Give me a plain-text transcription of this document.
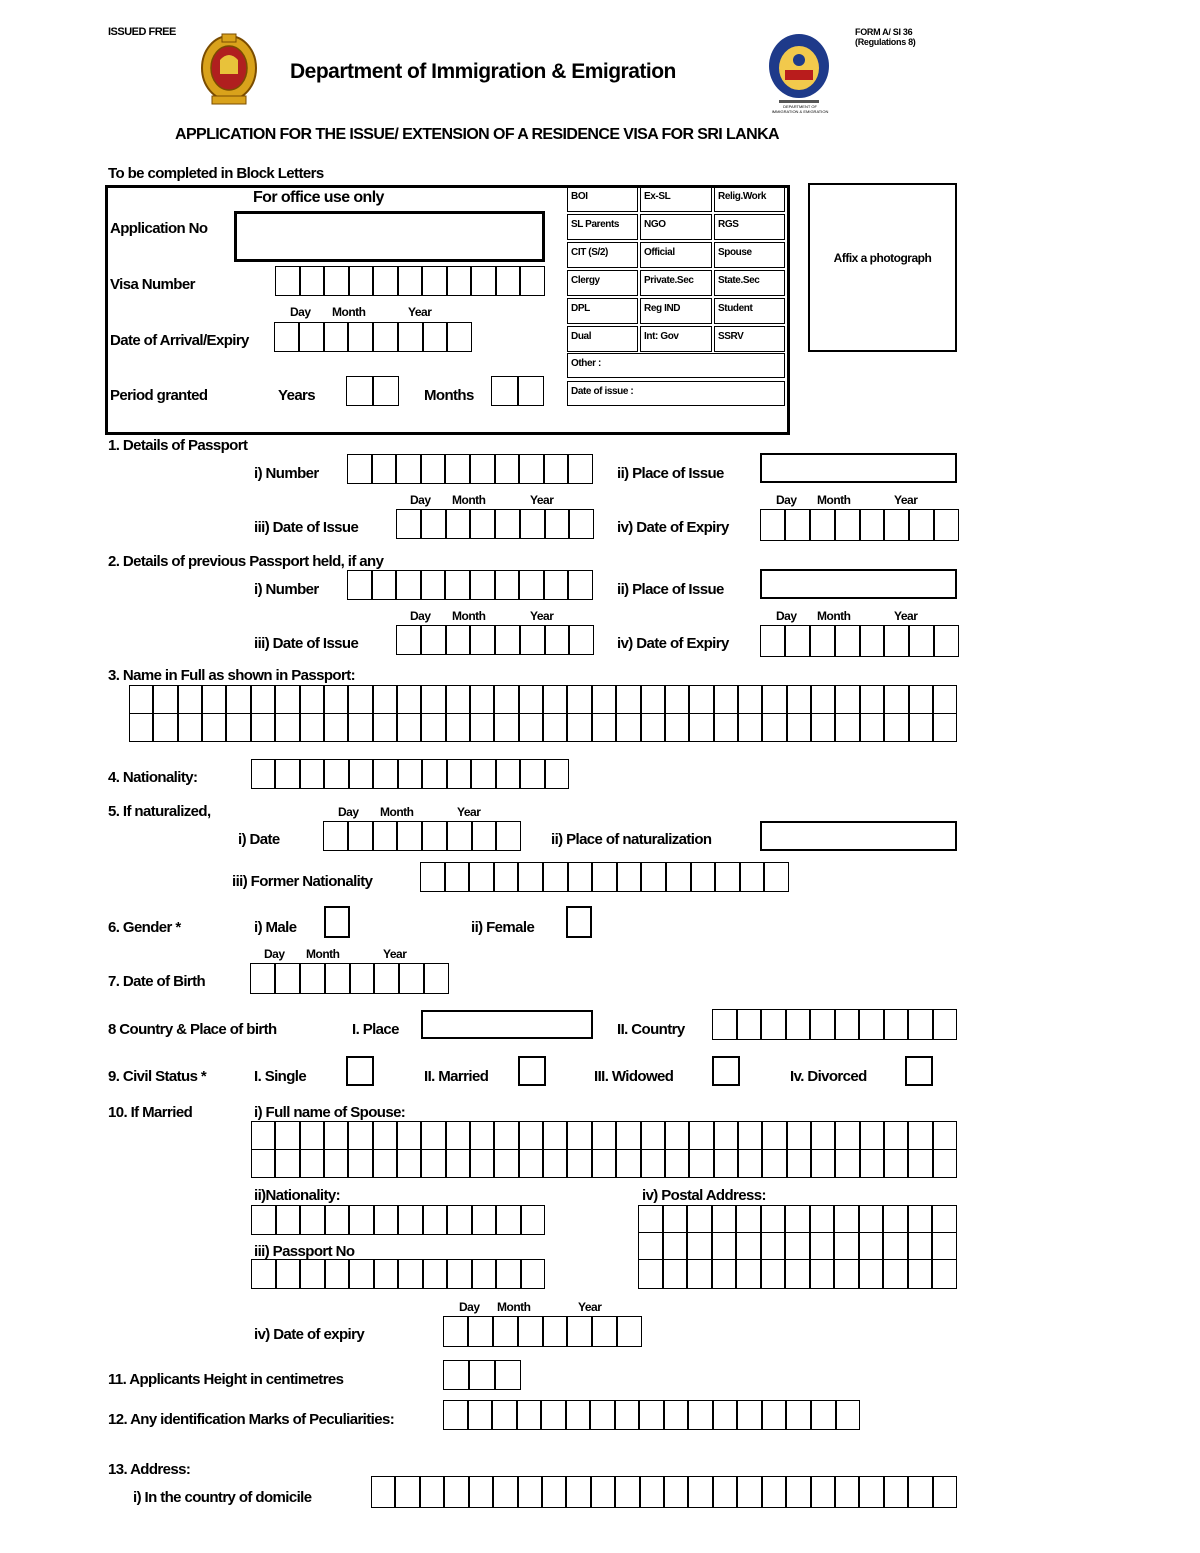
ISSUED FREE	FORM A/ SI 36
(Regulations 8)
Department of Immigration & Emigration
DEPARTMENT OF IMMIGRATION & EMIGRATION
APPLICATION FOR THE ISSUE/ EXTENSION OF A RESIDENCE VISA FOR SRI LANKA
To be completed in Block Letters
For office use only
Application No
Visa Number
Day Month	Year
Date of Arrival/Expiry
Period granted	Years	Months
BOI	Ex-SL	Relig.Work
SL Parents	NGO	RGS
CIT (S/2)	Official	Spouse
Clergy	Private.Sec	State.Sec
DPL	Reg IND	Student
Dual	Int: Gov	SSRV
Other :
Date of issue :
Affix a photograph
1. Details of Passport
i) Number	ii) Place of Issue
Day Month	Year	Day Month	Year
iii) Date of Issue	iv) Date of Expiry
2. Details of previous Passport held, if any
i) Number	ii) Place of Issue
Day Month	Year	Day Month	Year
iii) Date of Issue	iv) Date of Expiry
3. Name in Full as shown in Passport:
4. Nationality:
5. If naturalized,	Day Month	Year
i) Date	ii) Place of naturalization
iii) Former Nationality
6. Gender *	i) Male	ii) Female
Day Month	Year
7. Date of Birth
8 Country & Place of birth	I. Place	II. Country
9. Civil Status *	I. Single	II. Married	III. Widowed	Iv. Divorced
10. If Married	i) Full name of Spouse:
ii)Nationality:	iv) Postal Address:
iii) Passport No
Day Month	Year
iv) Date of expiry
11. Applicants Height in centimetres
12. Any identification Marks of Peculiarities:
13. Address:
i) In the country of domicile
